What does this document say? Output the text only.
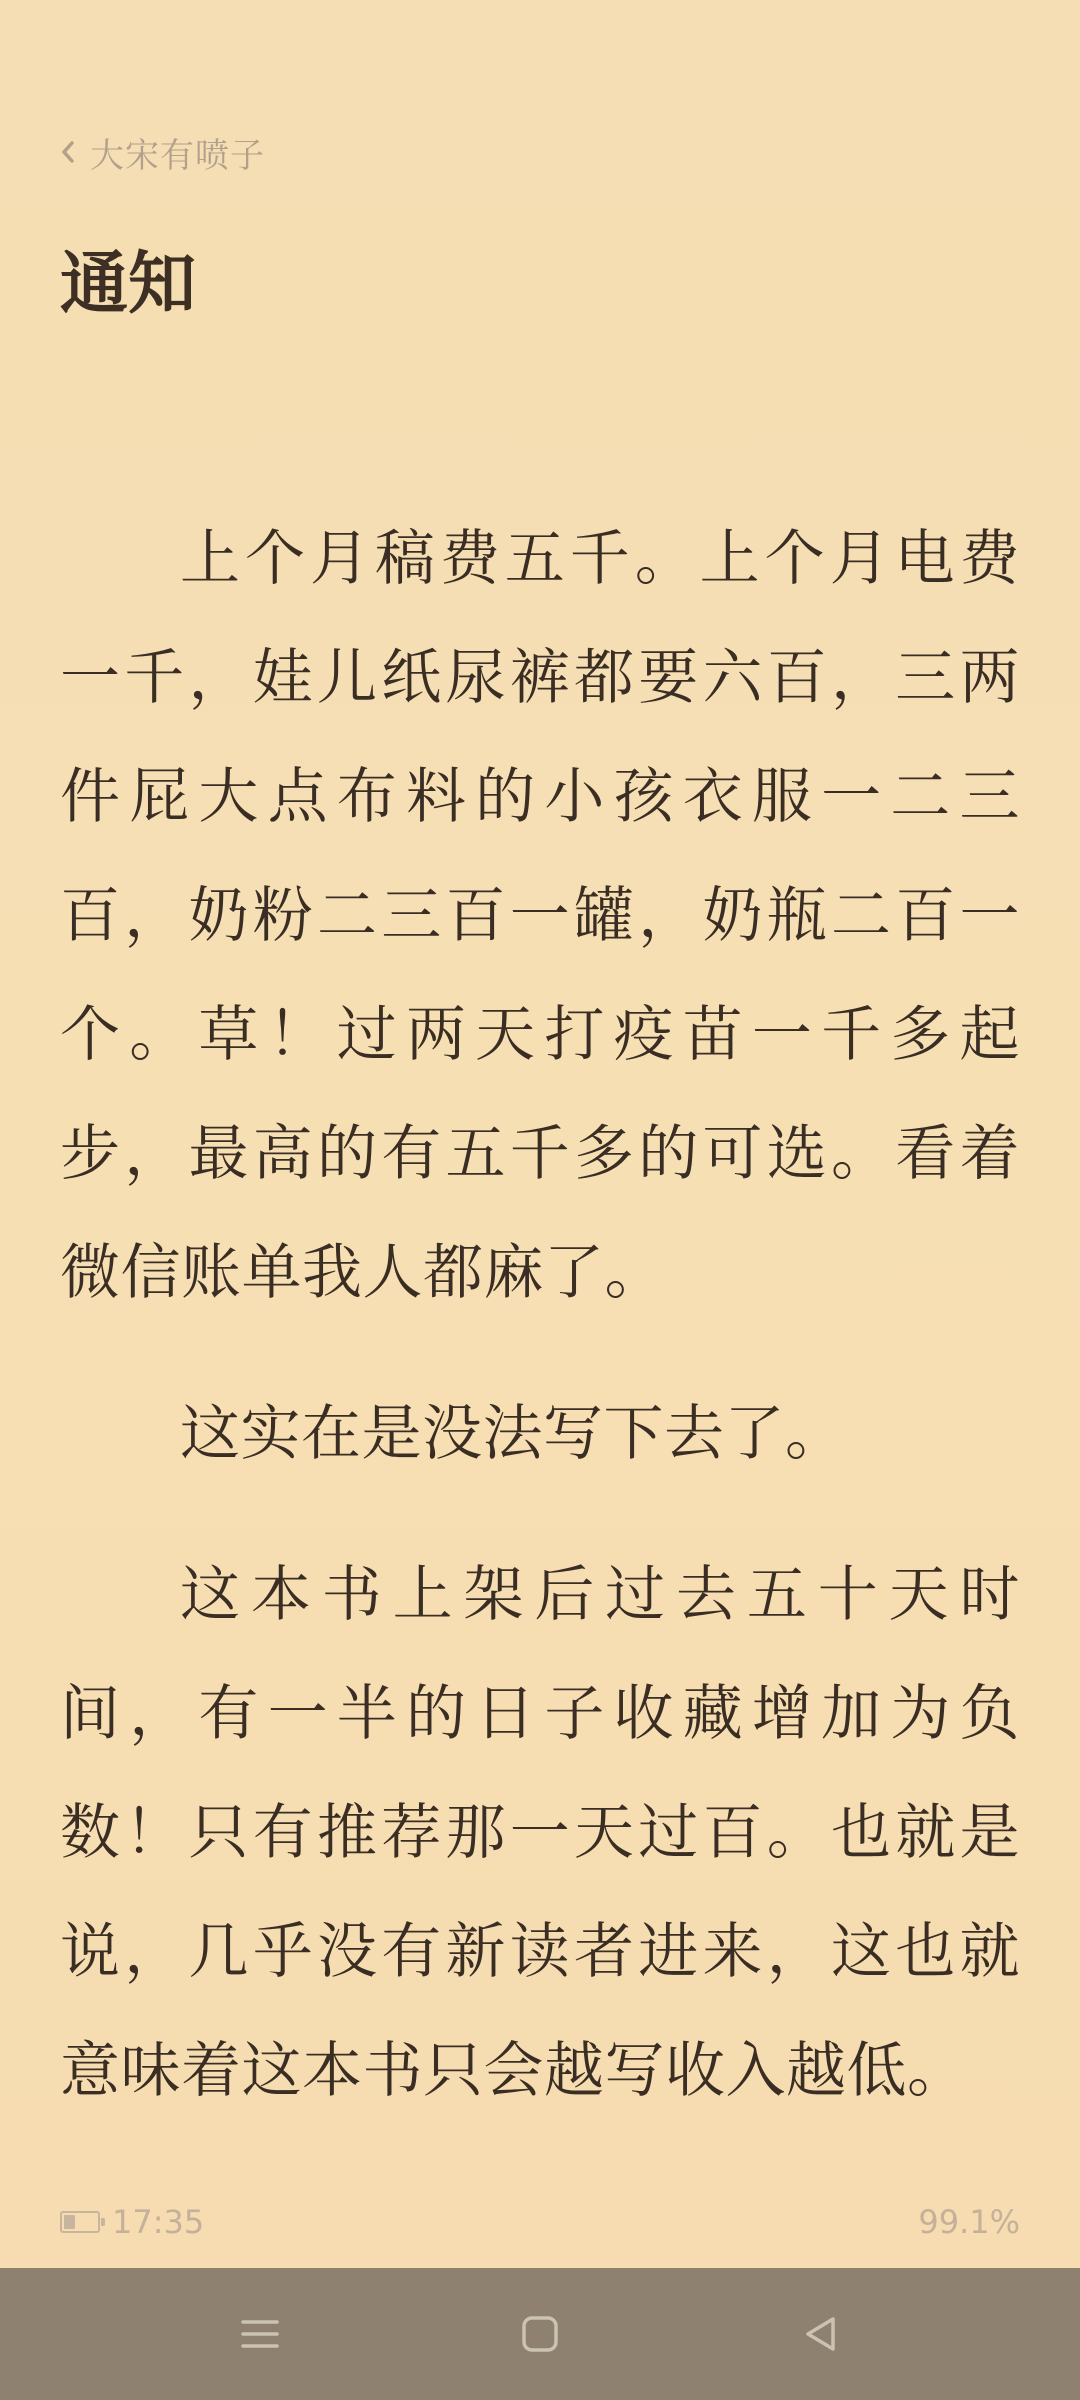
大宋有喷子
通知

上个月稿费五千。上个月电费一千，娃儿纸尿裤都要六百，三两件屁大点布料的小孩衣服一二三百，奶粉二三百一罐，奶瓶二百一个。草！过两天打疫苗一千多起步，最高的有五千多的可选。看着微信账单我人都麻了。

这实在是没法写下去了。

这本书上架后过去五十天时间，有一半的日子收藏增加为负数！只有推荐那一天过百。也就是说，几乎没有新读者进来，这也就意味着这本书只会越写收入越低。

17:35	99.1%
